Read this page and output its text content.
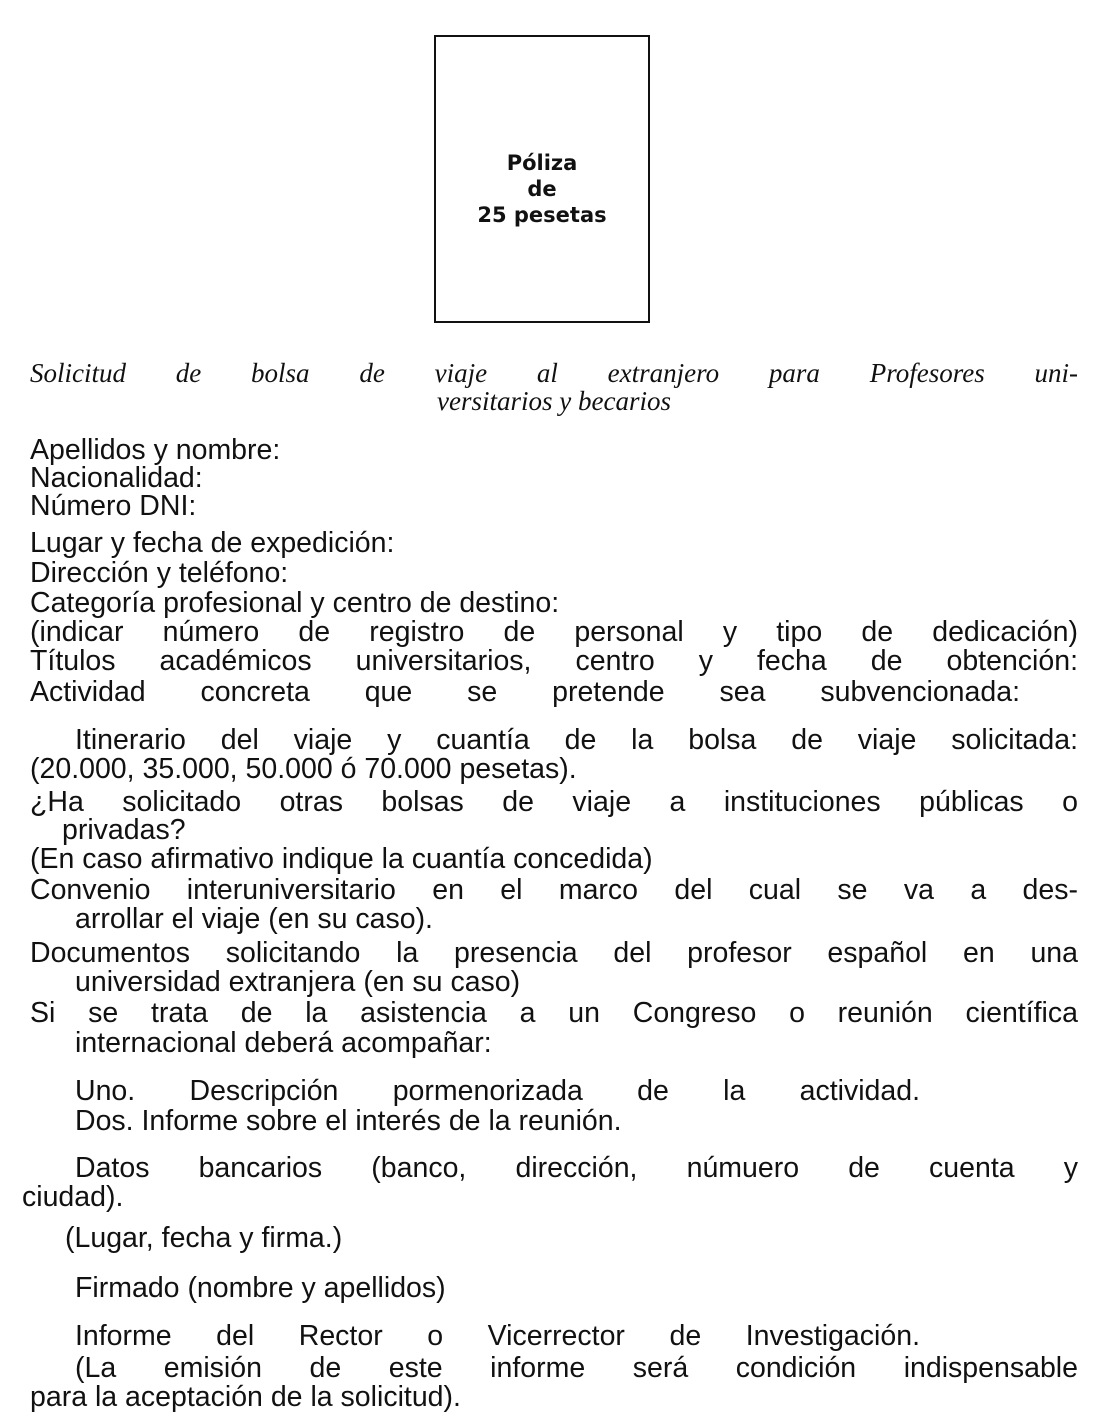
Póliza
de
25 pesetas
Solicitud de bolsa de viaje al extranjero para Profesores uni-
versitarios y becarios
Apellidos y nombre:
Nacionalidad:
Número DNI:
Lugar y fecha de expedición:
Dirección y teléfono:
Categoría profesional y centro de destino:
(indicar número de registro de personal y tipo de dedicación)
Títulos académicos universitarios, centro y fecha de obtención:
Actividad concreta que se pretende sea subvencionada:
Itinerario del viaje y cuantía de la bolsa de viaje solicitada:
(20.000, 35.000, 50.000 ó 70.000 pesetas).
¿Ha solicitado otras bolsas de viaje a instituciones públicas o
privadas?
(En caso afirmativo indique la cuantía concedida)
Convenio interuniversitario en el marco del cual se va a des-
arrollar el viaje (en su caso).
Documentos solicitando la presencia del profesor español en una
universidad extranjera (en su caso)
Si se trata de la asistencia a un Congreso o reunión científica
internacional deberá acompañar:
Uno. Descripción pormenorizada de la actividad.
Dos. Informe sobre el interés de la reunión.
Datos bancarios (banco, dirección, númuero de cuenta y
ciudad).
(Lugar, fecha y firma.)
Firmado (nombre y apellidos)
Informe del Rector o Vicerrector de Investigación.
(La emisión de este informe será condición indispensable
para la aceptación de la solicitud).
